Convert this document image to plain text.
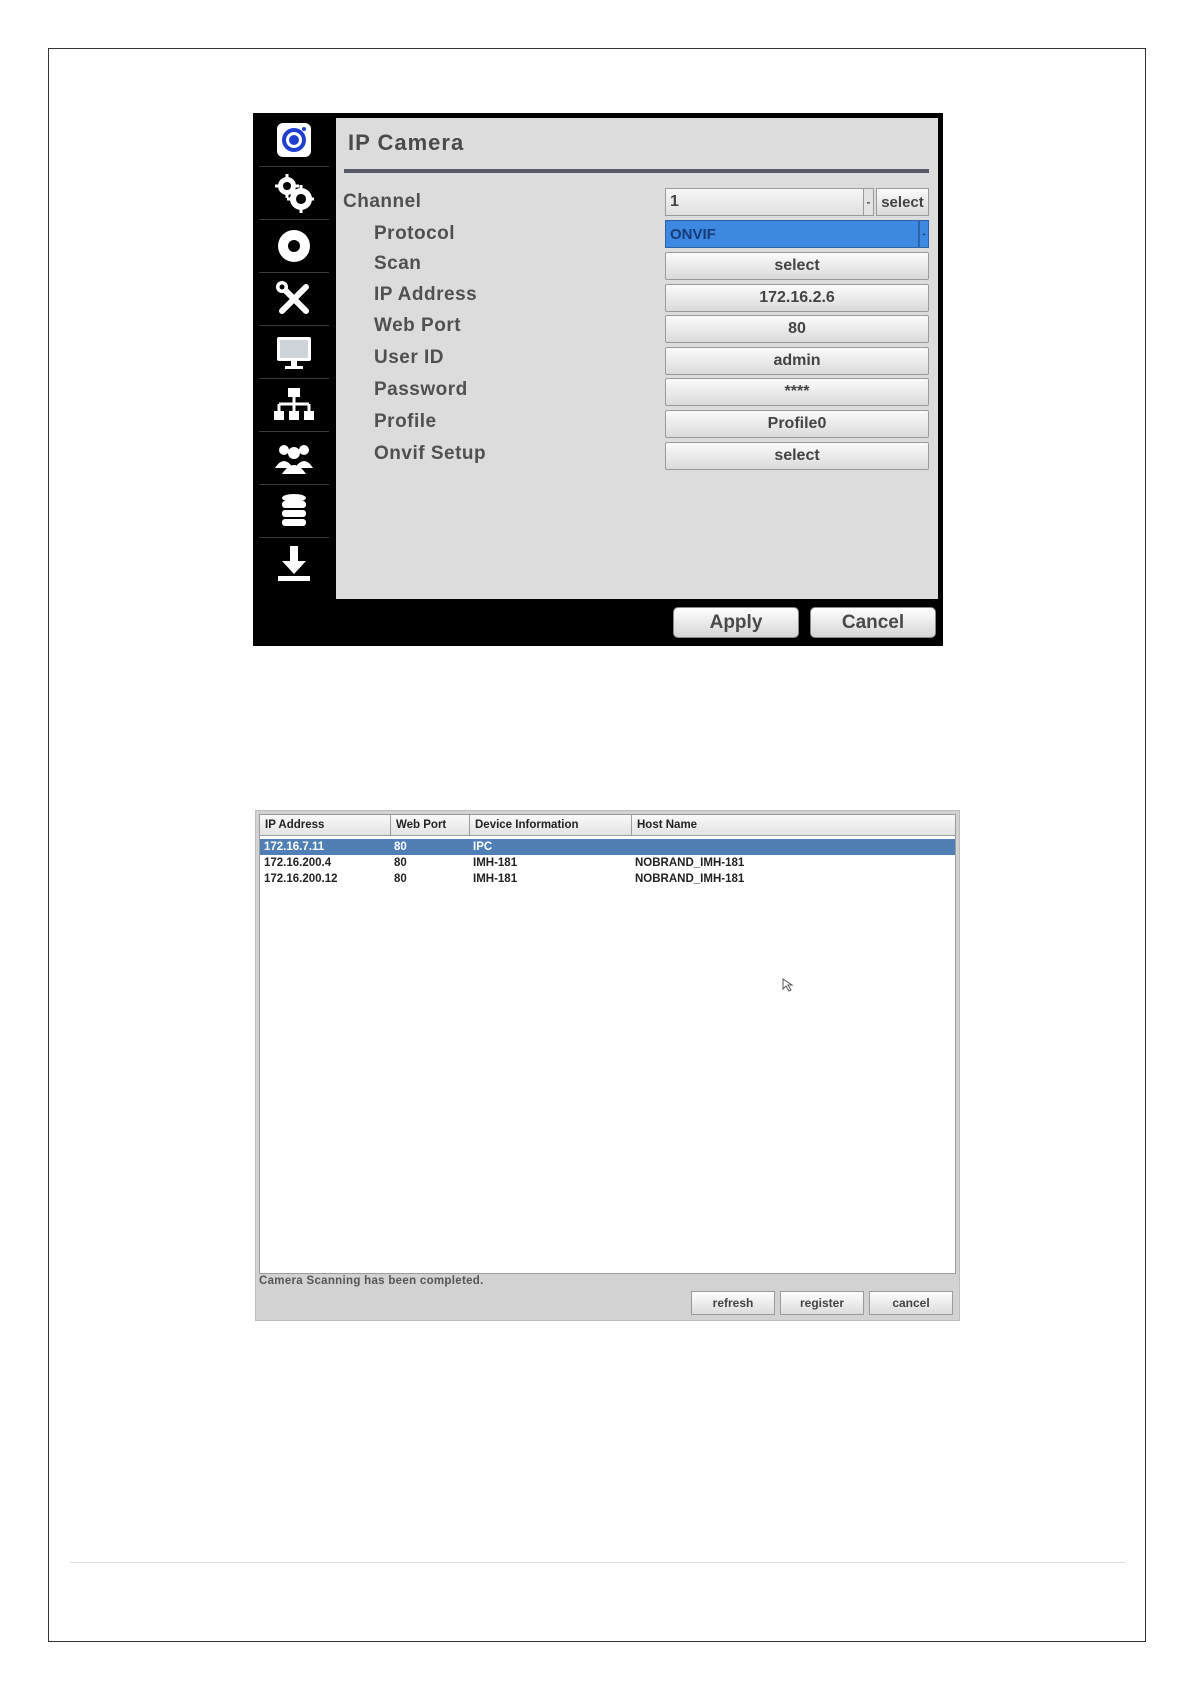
IP Camera
Channel	1	- select
Protocol	ONVIF	-
Scan	select
IP Address	172.16.2.6
Web Port	80
User ID	admin
Password	****
Profile	Profile0
Onvif Setup	select
Apply	Cancel
IP Address	Web Port	Device Information	Host Name
172.16.7.11	80	IPC
172.16.200.4	80	IMH-181	NOBRAND_IMH-181
172.16.200.12	80	IMH-181	NOBRAND_IMH-181
Camera Scanning has been completed.
refresh	register	cancel
